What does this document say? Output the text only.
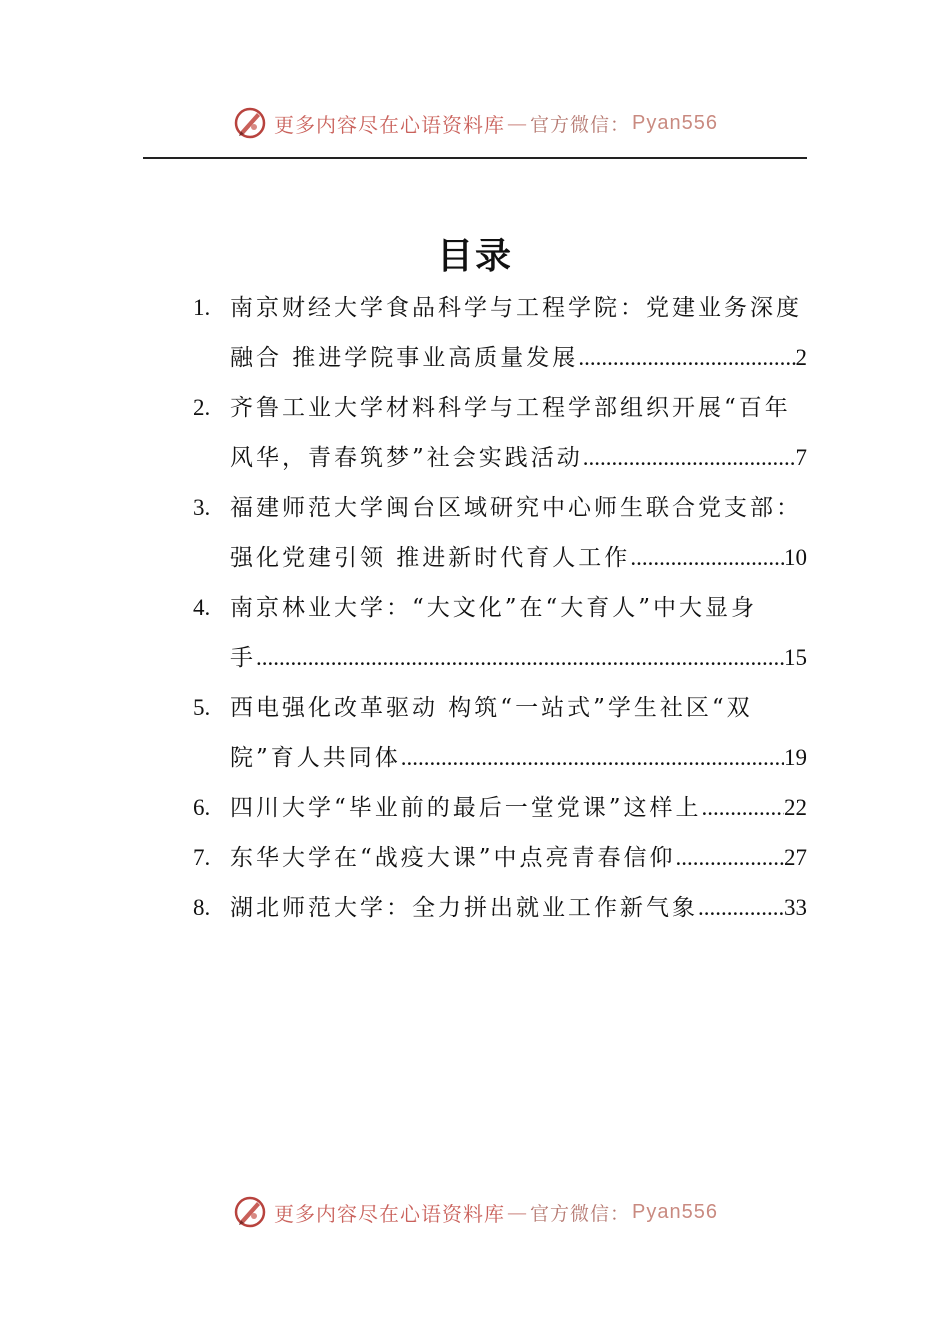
更多内容尽在心语资料库 — 官方微信： Pyan556
目录
1. 南京财经大学食品科学与工程学院：党建业务深度
融合 推进学院事业高质量发展 .....	2
2. 齐鲁工业大学材料科学与工程学部组织开展“百年
风华，青春筑梦”社会实践活动 .....	7
3. 福建师范大学闽台区域研究中心师生联合党支部：
强化党建引领 推进新时代育人工作 .....	10
4. 南京林业大学：“大文化”在“大育人”中大显身
手 .....	15
5. 西电强化改革驱动 构筑“一站式”学生社区“双
院”育人共同体 .....	19
6. 四川大学“毕业前的最后一堂党课”这样上 .....	22
7. 东华大学在“战疫大课”中点亮青春信仰 .....	27
8. 湖北师范大学：全力拼出就业工作新气象 .....	33
更多内容尽在心语资料库 — 官方微信： Pyan556
